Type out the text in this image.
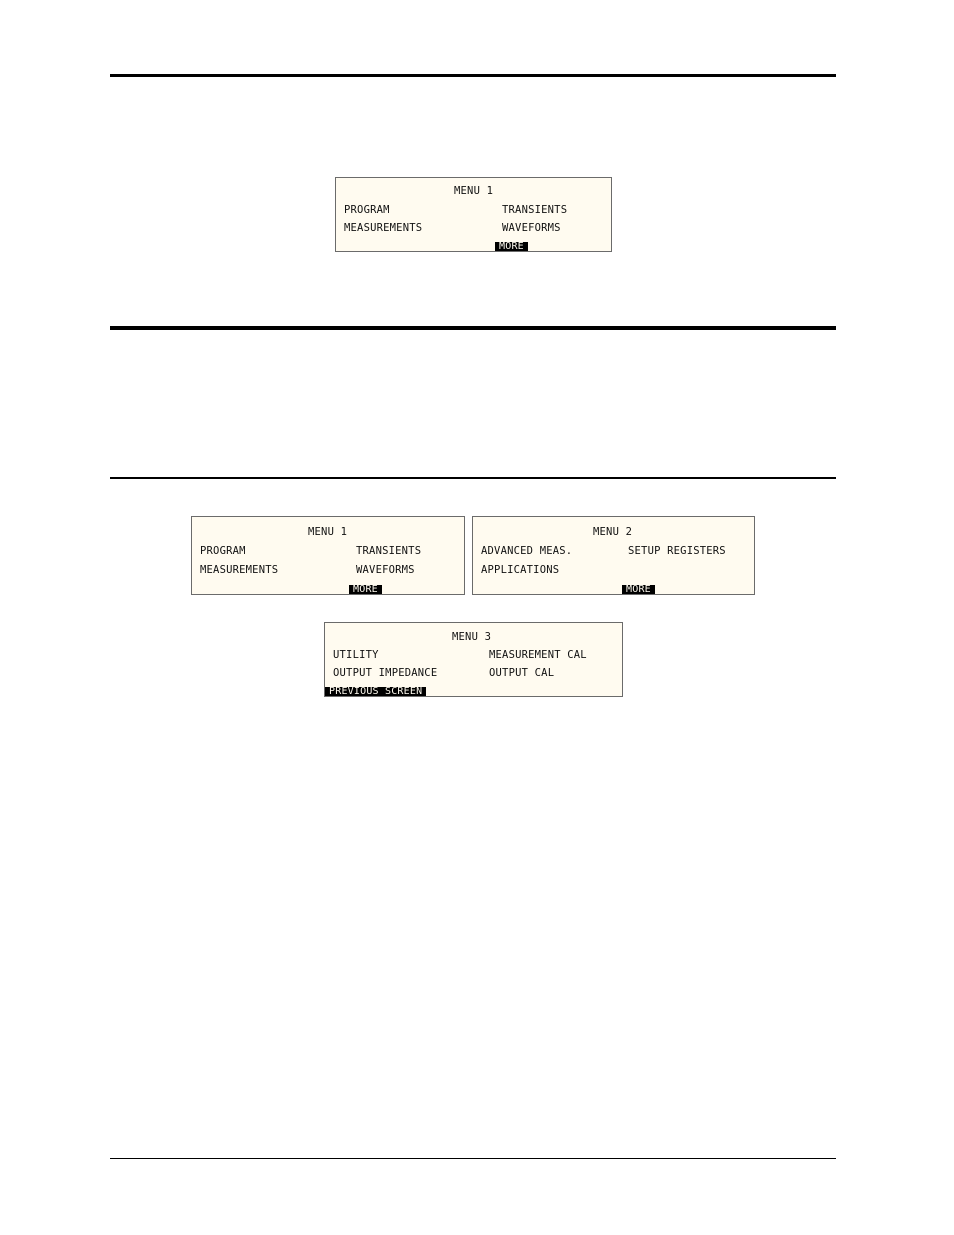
MENU 1
PROGRAM	TRANSIENTS
MEASUREMENTS	WAVEFORMS
MORE
MENU 1
PROGRAM	TRANSIENTS
MEASUREMENTS	WAVEFORMS
MORE
MENU 2
ADVANCED MEAS.	SETUP REGISTERS
APPLICATIONS
MORE
MENU 3
UTILITY	MEASUREMENT CAL
OUTPUT IMPEDANCE	OUTPUT CAL
PREVIOUS SCREEN
